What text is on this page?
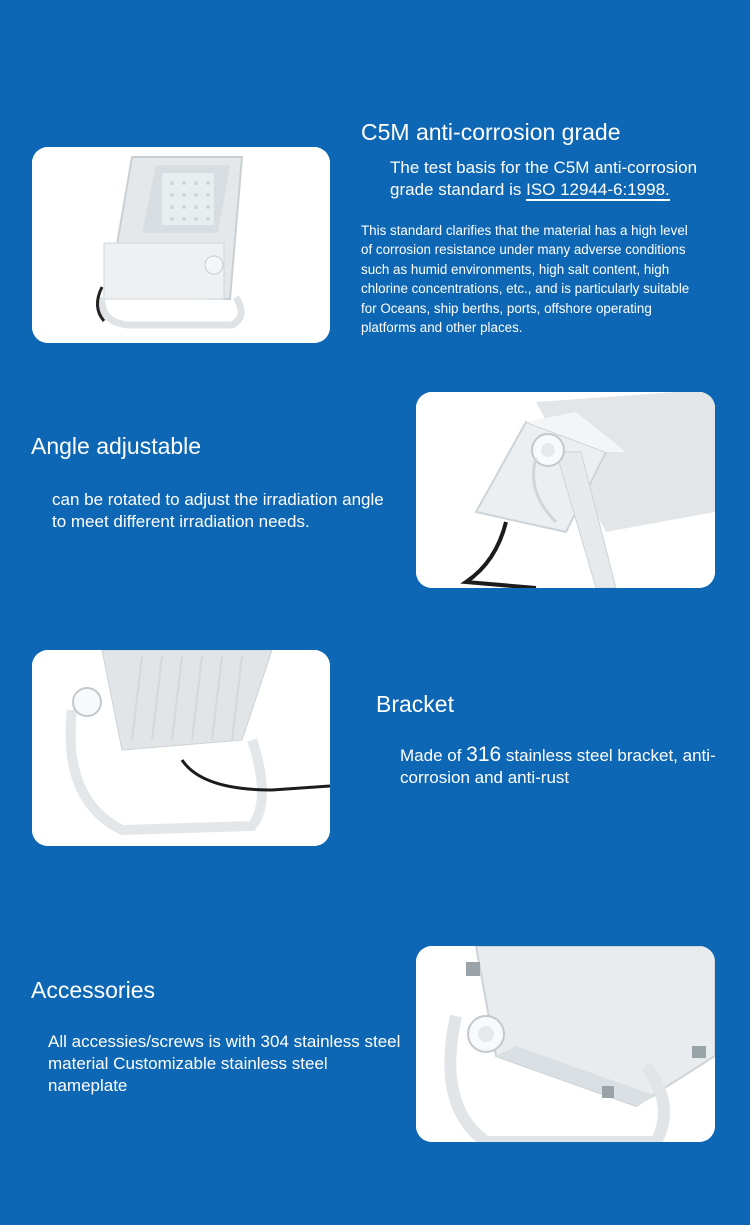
C5M anti-corrosion grade

The test basis for the C5M anti-corrosion grade standard is ISO 12944-6:1998.

This standard clarifies that the material has a high level of corrosion resistance under many adverse conditions such as humid environments, high salt content, high chlorine concentrations, etc., and is particularly suitable for Oceans, ship berths, ports, offshore operating platforms and other places.

Angle adjustable

can be rotated to adjust the irradiation angle to meet different irradiation needs.

Bracket

Made of 316 stainless steel bracket, anti-corrosion and anti-rust

Accessories

All accessies/screws is with 304 stainless steel material Customizable stainless steel nameplate
